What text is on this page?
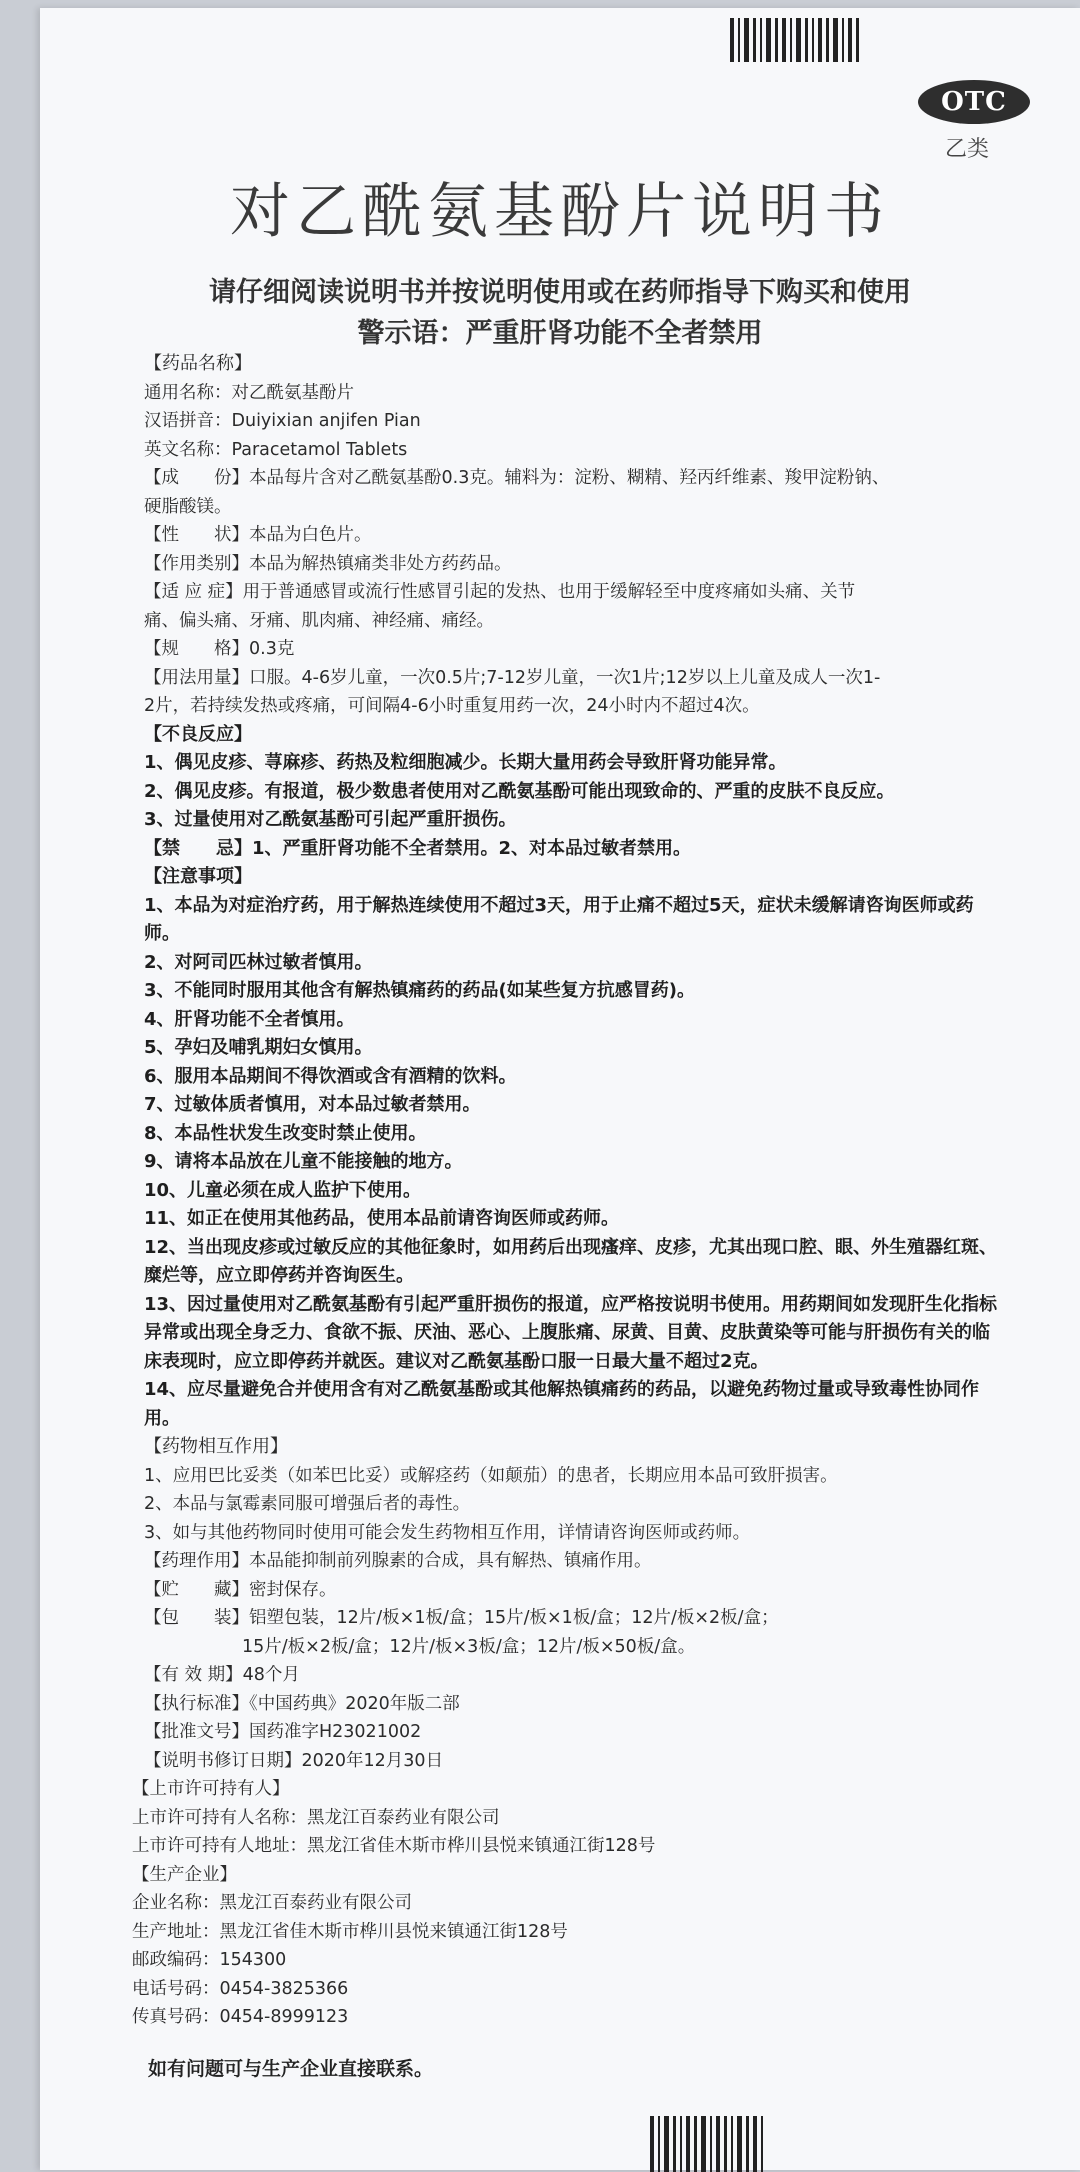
OTC
乙类
对乙酰氨基酚片说明书
请仔细阅读说明书并按说明使用或在药师指导下购买和使用
警示语：严重肝肾功能不全者禁用
【药品名称】
通用名称：对乙酰氨基酚片
汉语拼音：Duiyixian anjifen Pian
英文名称：Paracetamol Tablets
【成　　份】本品每片含对乙酰氨基酚0.3克。辅料为：淀粉、糊精、羟丙纤维素、羧甲淀粉钠、
硬脂酸镁。
【性　　状】本品为白色片。
【作用类别】本品为解热镇痛类非处方药药品。
【适 应 症】用于普通感冒或流行性感冒引起的发热、也用于缓解轻至中度疼痛如头痛、关节
痛、偏头痛、牙痛、肌肉痛、神经痛、痛经。
【规　　格】0.3克
【用法用量】口服。4-6岁儿童，一次0.5片;7-12岁儿童，一次1片;12岁以上儿童及成人一次1-
2片，若持续发热或疼痛，可间隔4-6小时重复用药一次，24小时内不超过4次。
【不良反应】
1、偶见皮疹、荨麻疹、药热及粒细胞减少。长期大量用药会导致肝肾功能异常。
2、偶见皮疹。有报道，极少数患者使用对乙酰氨基酚可能出现致命的、严重的皮肤不良反应。
3、过量使用对乙酰氨基酚可引起严重肝损伤。
【禁　　忌】1、严重肝肾功能不全者禁用。2、对本品过敏者禁用。
【注意事项】
1、本品为对症治疗药，用于解热连续使用不超过3天，用于止痛不超过5天，症状未缓解请咨询医师或药师。
2、对阿司匹林过敏者慎用。
3、不能同时服用其他含有解热镇痛药的药品(如某些复方抗感冒药)。
4、肝肾功能不全者慎用。
5、孕妇及哺乳期妇女慎用。
6、服用本品期间不得饮酒或含有酒精的饮料。
7、过敏体质者慎用，对本品过敏者禁用。
8、本品性状发生改变时禁止使用。
9、请将本品放在儿童不能接触的地方。
10、儿童必须在成人监护下使用。
11、如正在使用其他药品，使用本品前请咨询医师或药师。
12、当出现皮疹或过敏反应的其他征象时，如用药后出现瘙痒、皮疹，尤其出现口腔、眼、外生殖器红斑、糜烂等，应立即停药并咨询医生。
13、因过量使用对乙酰氨基酚有引起严重肝损伤的报道，应严格按说明书使用。用药期间如发现肝生化指标异常或出现全身乏力、食欲不振、厌油、恶心、上腹胀痛、尿黄、目黄、皮肤黄染等可能与肝损伤有关的临床表现时，应立即停药并就医。建议对乙酰氨基酚口服一日最大量不超过2克。
14、应尽量避免合并使用含有对乙酰氨基酚或其他解热镇痛药的药品，以避免药物过量或导致毒性协同作用。
【药物相互作用】
1、应用巴比妥类（如苯巴比妥）或解痉药（如颠茄）的患者，长期应用本品可致肝损害。
2、本品与氯霉素同服可增强后者的毒性。
3、如与其他药物同时使用可能会发生药物相互作用，详情请咨询医师或药师。
【药理作用】本品能抑制前列腺素的合成，具有解热、镇痛作用。
【贮　　藏】密封保存。
【包　　装】铝塑包装，12片/板×1板/盒；15片/板×1板/盒；12片/板×2板/盒；
15片/板×2板/盒；12片/板×3板/盒；12片/板×50板/盒。
【有 效 期】48个月
【执行标准】《中国药典》2020年版二部
【批准文号】国药准字H23021002
【说明书修订日期】2020年12月30日
【上市许可持有人】
上市许可持有人名称：黑龙江百泰药业有限公司
上市许可持有人地址：黑龙江省佳木斯市桦川县悦来镇通江街128号
【生产企业】
企业名称：黑龙江百泰药业有限公司
生产地址：黑龙江省佳木斯市桦川县悦来镇通江街128号
邮政编码：154300
电话号码：0454-3825366
传真号码：0454-8999123
如有问题可与生产企业直接联系。
